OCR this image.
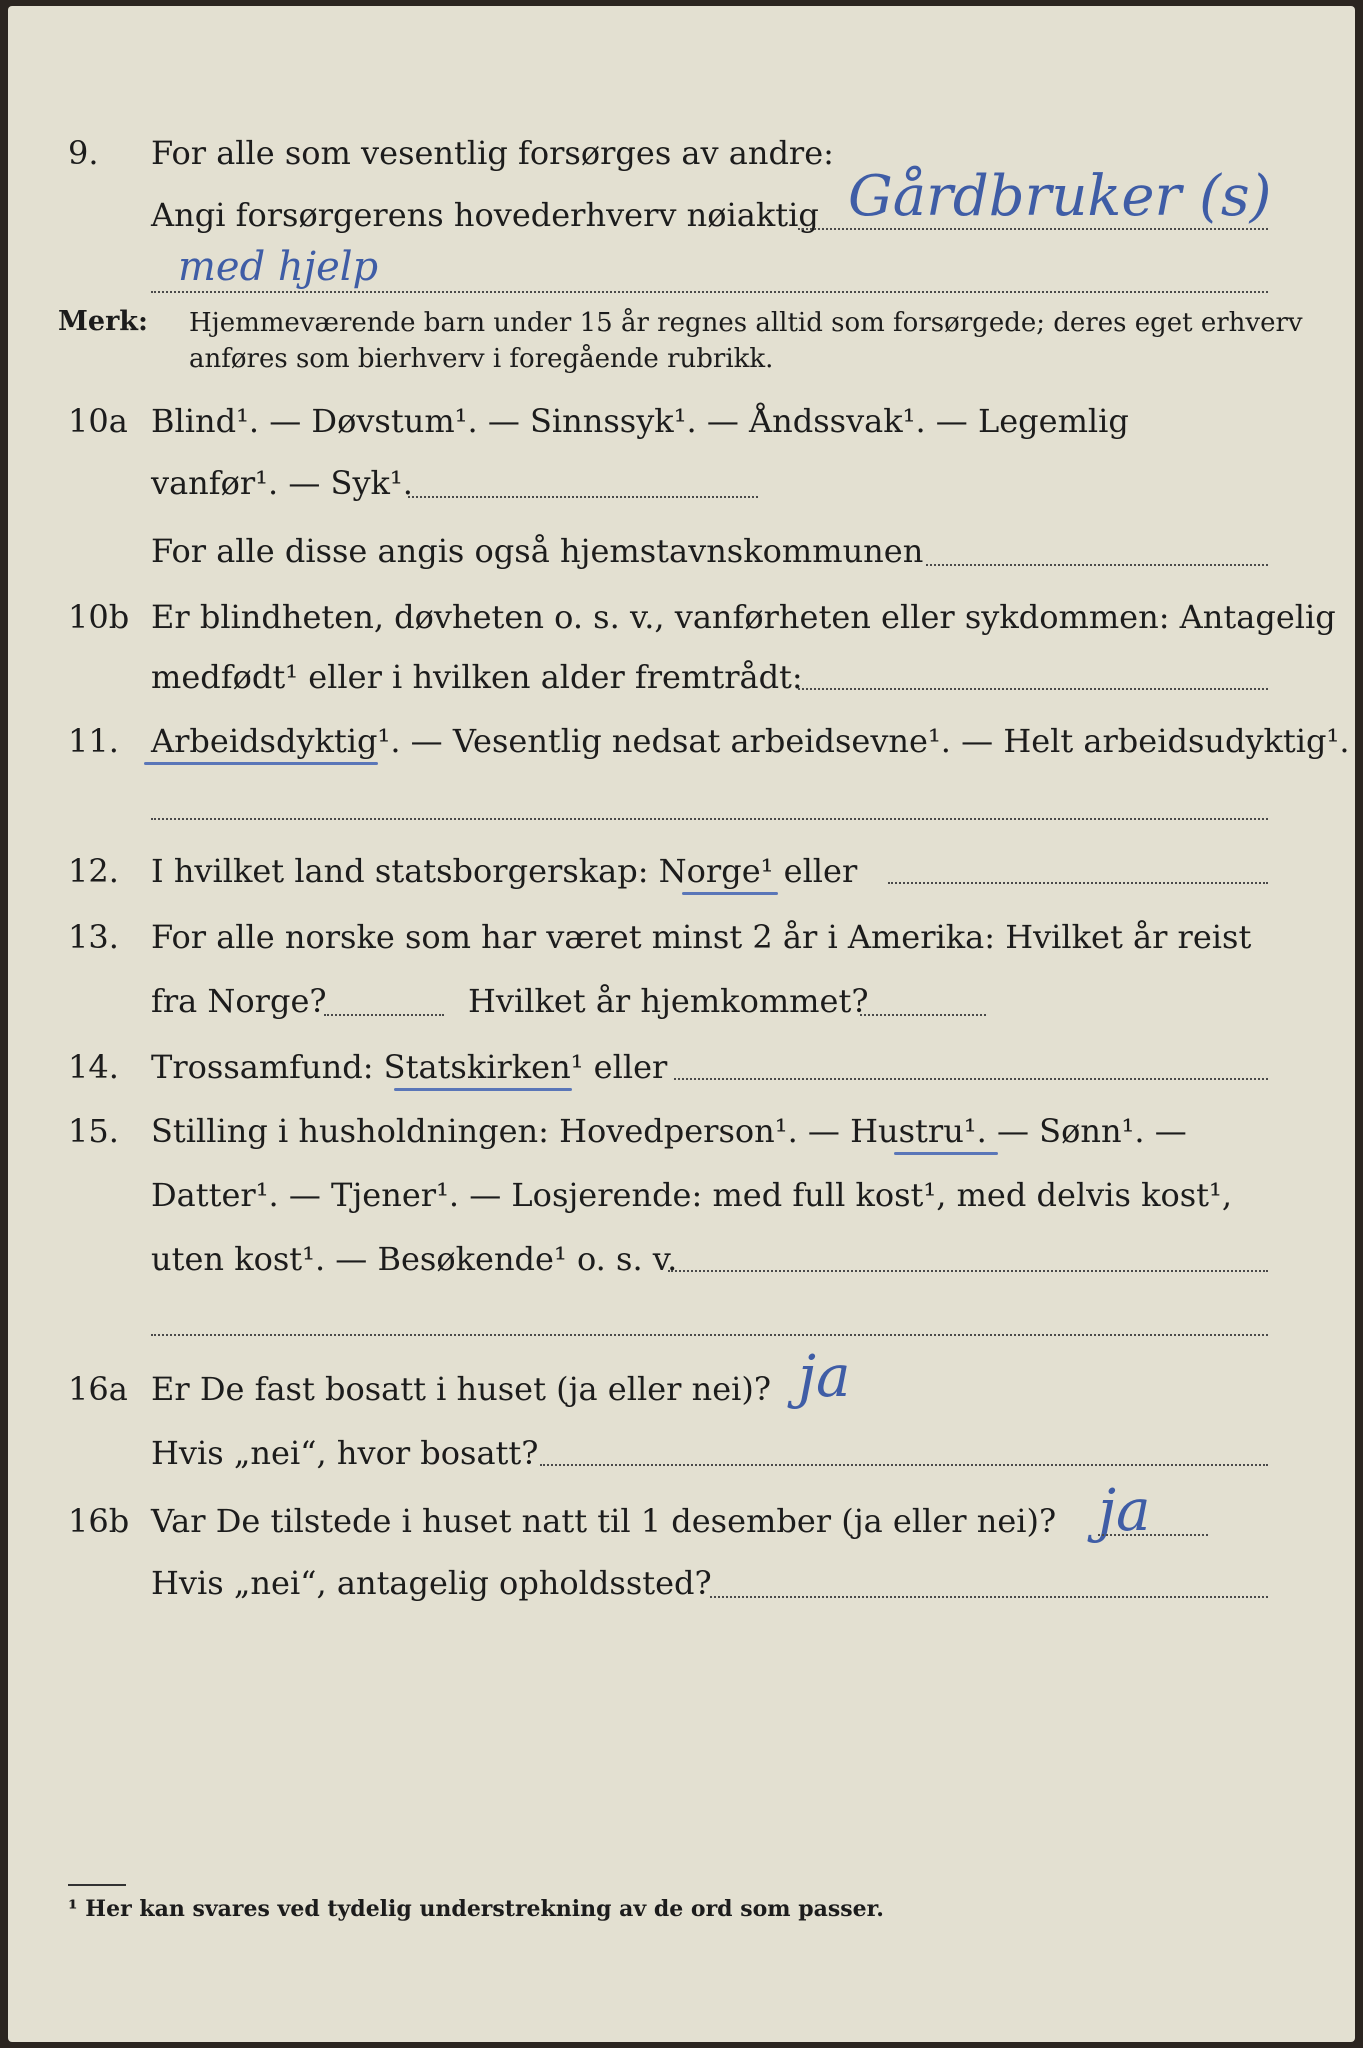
9. For alle som vesentlig forsørges av andre:
Angi forsørgerens hovederhverv nøiaktig Gårdbruker (s)
med hjelp
Merk: Hjemmeværende barn under 15 år regnes alltid som forsørgede; deres eget erhverv
anføres som bierhverv i foregående rubrikk.
10a Blind¹. — Døvstum¹. — Sinnssyk¹. — Åndssvak¹. — Legemlig
vanfør¹. — Syk¹.
For alle disse angis også hjemstavnskommunen
10b Er blindheten, døvheten o. s. v., vanførheten eller sykdommen: Antagelig
medfødt¹ eller i hvilken alder fremtrådt:
11. Arbeidsdyktig¹. — Vesentlig nedsat arbeidsevne¹. — Helt arbeidsudyktig¹.
12. I hvilket land statsborgerskap: Norge¹ eller
13. For alle norske som har været minst 2 år i Amerika: Hvilket år reist
fra Norge?	Hvilket år hjemkommet?
14. Trossamfund: Statskirken¹ eller
15. Stilling i husholdningen: Hovedperson¹. — Hustru¹. — Sønn¹. —
Datter¹. — Tjener¹. — Losjerende: med full kost¹, med delvis kost¹,
uten kost¹. — Besøkende¹ o. s. v.
16a Er De fast bosatt i huset (ja eller nei)? ja
Hvis „nei“, hvor bosatt?
16b Var De tilstede i huset natt til 1 desember (ja eller nei)? ja
Hvis „nei“, antagelig opholdssted?
¹ Her kan svares ved tydelig understrekning av de ord som passer.
